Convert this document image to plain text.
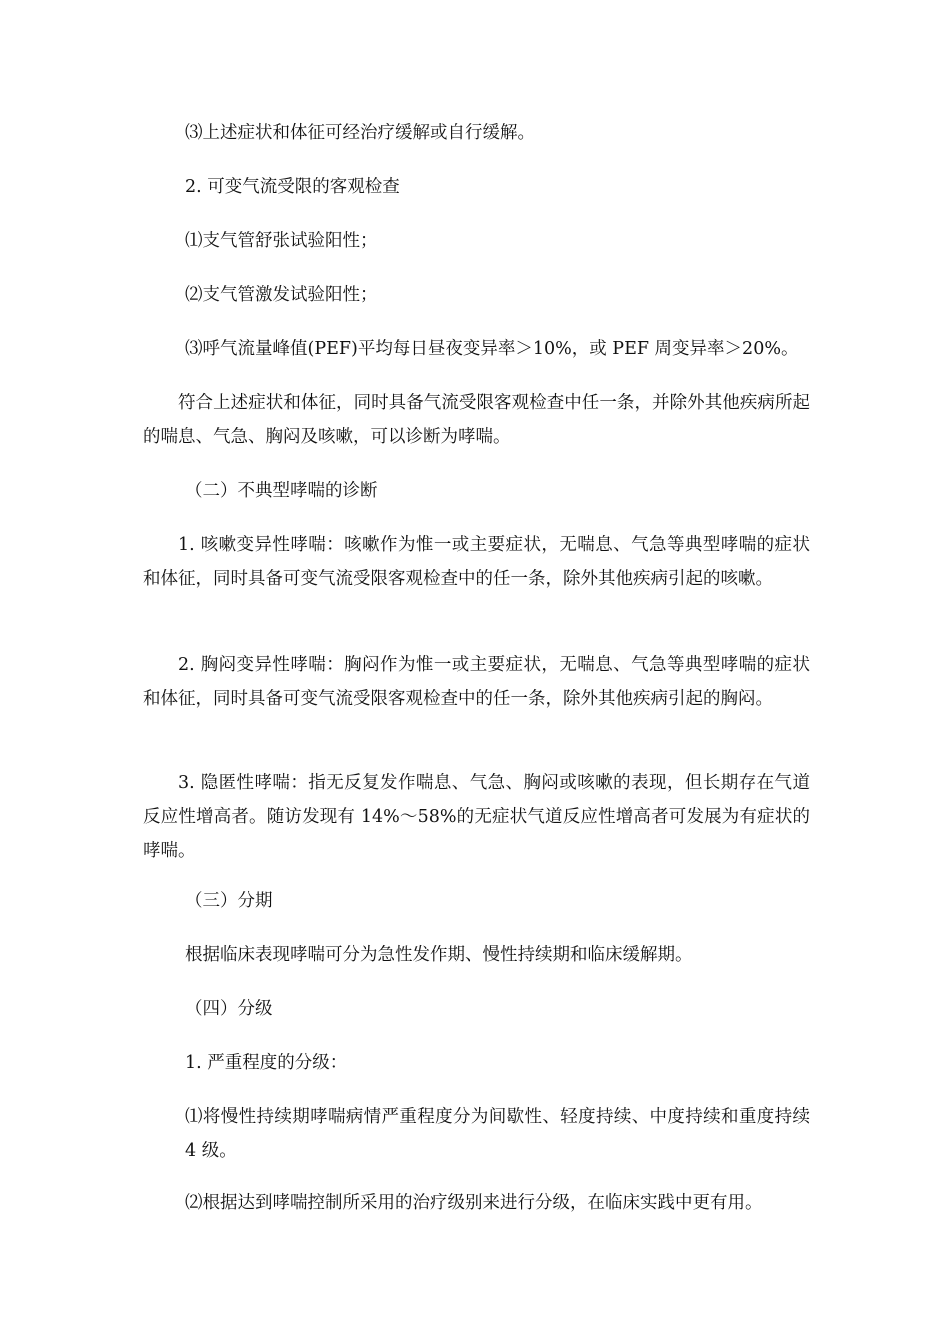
⑶上述症状和体征可经治疗缓解或自行缓解。

2. 可变气流受限的客观检查

⑴支气管舒张试验阳性；

⑵支气管激发试验阳性；

⑶呼气流量峰值(PEF)平均每日昼夜变异率＞10%，或 PEF 周变异率＞20%。

符合上述症状和体征，同时具备气流受限客观检查中任一条，并除外其他疾病所起的喘息、气急、胸闷及咳嗽，可以诊断为哮喘。

（二）不典型哮喘的诊断

1. 咳嗽变异性哮喘：咳嗽作为惟一或主要症状，无喘息、气急等典型哮喘的症状和体征，同时具备可变气流受限客观检查中的任一条，除外其他疾病引起的咳嗽。

2. 胸闷变异性哮喘：胸闷作为惟一或主要症状，无喘息、气急等典型哮喘的症状和体征，同时具备可变气流受限客观检查中的任一条，除外其他疾病引起的胸闷。

3. 隐匿性哮喘：指无反复发作喘息、气急、胸闷或咳嗽的表现，但长期存在气道反应性增高者。随访发现有 14%～58%的无症状气道反应性增高者可发展为有症状的哮喘。

（三）分期

根据临床表现哮喘可分为急性发作期、慢性持续期和临床缓解期。

（四）分级

1. 严重程度的分级：

⑴将慢性持续期哮喘病情严重程度分为间歇性、轻度持续、中度持续和重度持续 4 级。

⑵根据达到哮喘控制所采用的治疗级别来进行分级，在临床实践中更有用。
